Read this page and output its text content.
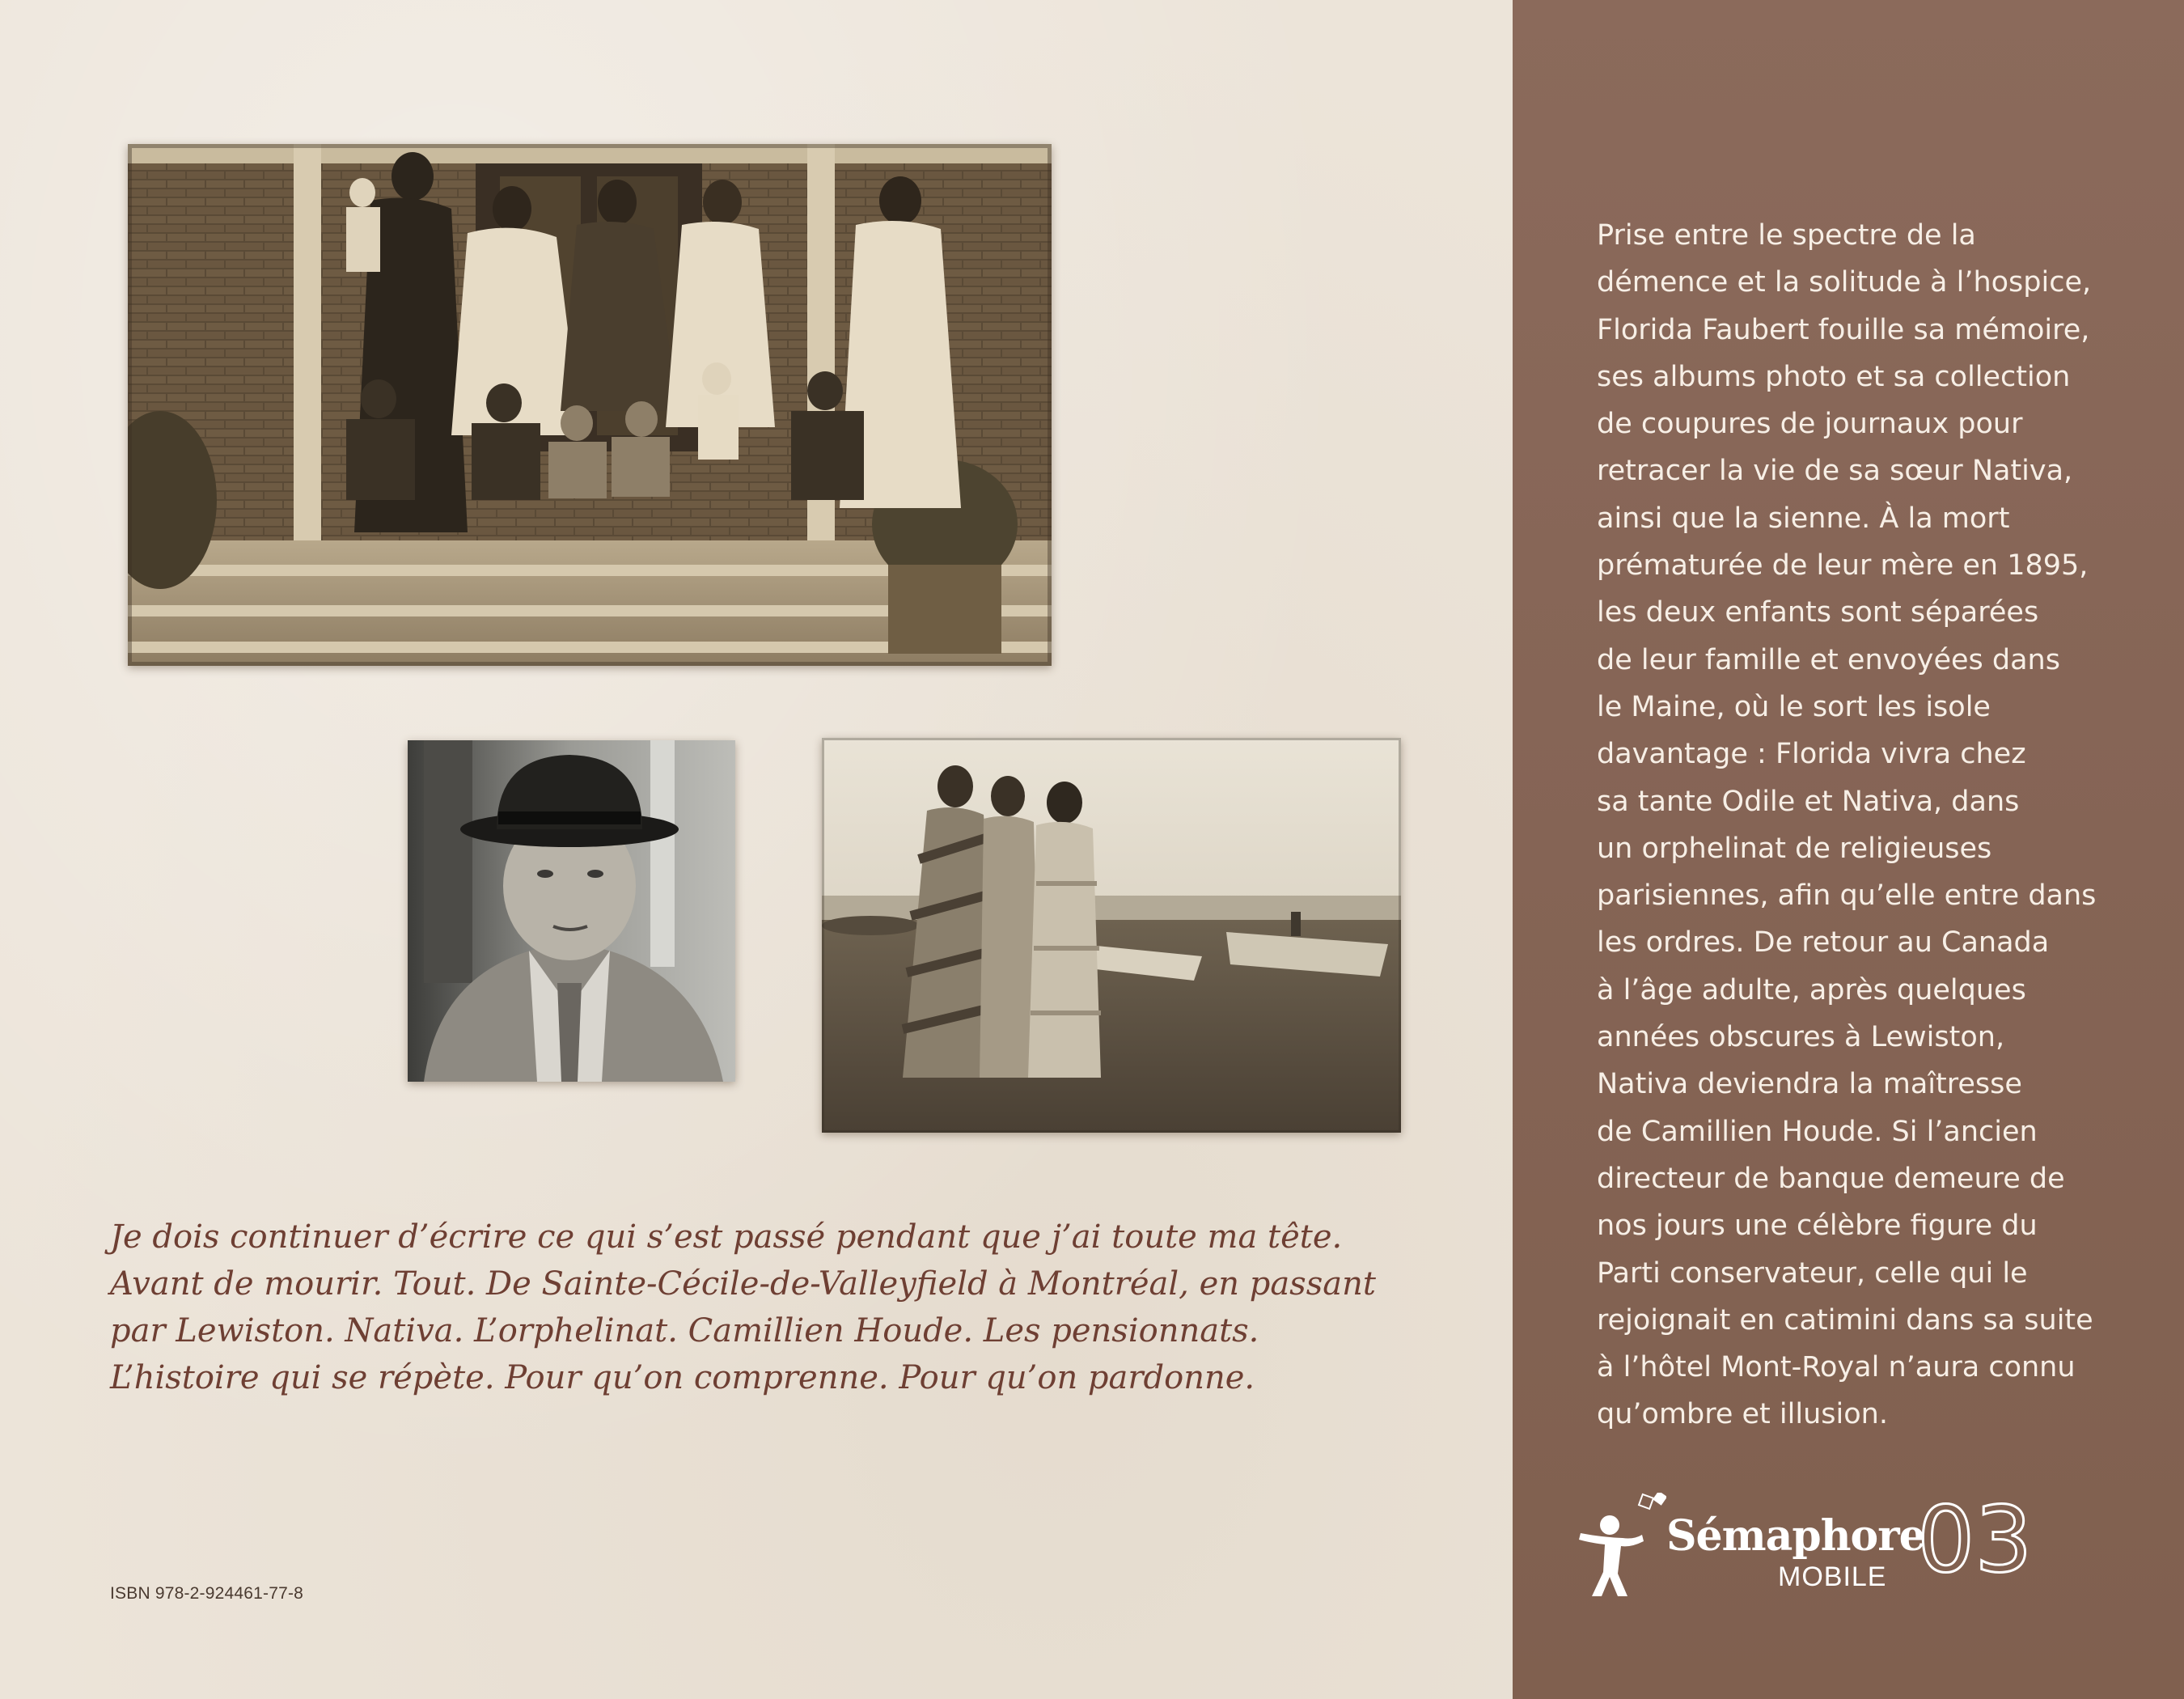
Je dois continuer d’écrire ce qui s’est passé pendant que j’ai toute ma tête.
Avant de mourir. Tout. De Sainte-Cécile-de-Valleyfield à Montréal, en passant
par Lewiston. Nativa. L’orphelinat. Camillien Houde. Les pensionnats.
L’histoire qui se répète. Pour qu’on comprenne. Pour qu’on pardonne.

ISBN 978-2-924461-77-8

Prise entre le spectre de la
démence et la solitude à l’hospice,
Florida Faubert fouille sa mémoire,
ses albums photo et sa collection
de coupures de journaux pour
retracer la vie de sa sœur Nativa,
ainsi que la sienne. À la mort
prématurée de leur mère en 1895,
les deux enfants sont séparées
de leur famille et envoyées dans
le Maine, où le sort les isole
davantage : Florida vivra chez
sa tante Odile et Nativa, dans
un orphelinat de religieuses
parisiennes, afin qu’elle entre dans
les ordres. De retour au Canada
à l’âge adulte, après quelques
années obscures à Lewiston,
Nativa deviendra la maîtresse
de Camillien Houde. Si l’ancien
directeur de banque demeure de
nos jours une célèbre figure du
Parti conservateur, celle qui le
rejoignait en catimini dans sa suite
à l’hôtel Mont-Royal n’aura connu
qu’ombre et illusion.

Sémaphore
MOBILE 03
